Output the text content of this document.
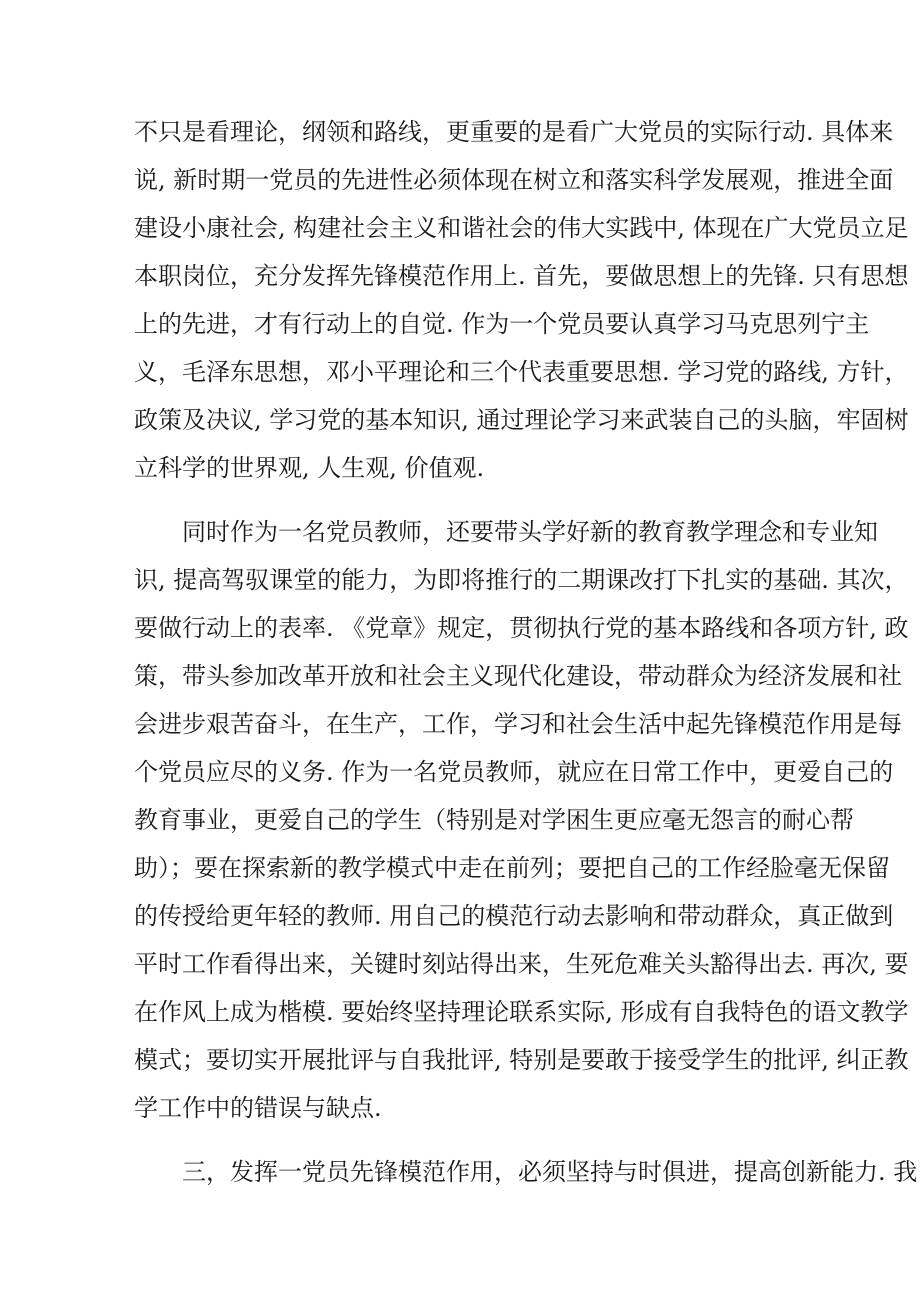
不只是看理论，纲领和路线，更重要的是看广大党员的实际行动. 具体来
说, 新时期一党员的先进性必须体现在树立和落实科学发展观，推进全面
建设小康社会, 构建社会主义和谐社会的伟大实践中, 体现在广大党员立足
本职岗位，充分发挥先锋模范作用上. 首先，要做思想上的先锋. 只有思想
上的先进，才有行动上的自觉. 作为一个党员要认真学习马克思列宁主
义，毛泽东思想，邓小平理论和三个代表重要思想. 学习党的路线, 方针，
政策及决议, 学习党的基本知识, 通过理论学习来武装自己的头脑，牢固树
立科学的世界观, 人生观, 价值观.
　　同时作为一名党员教师，还要带头学好新的教育教学理念和专业知
识, 提高驾驭课堂的能力，为即将推行的二期课改打下扎实的基础. 其次，
要做行动上的表率. 《党章》规定，贯彻执行党的基本路线和各项方针, 政
策，带头参加改革开放和社会主义现代化建设，带动群众为经济发展和社
会进步艰苦奋斗，在生产，工作，学习和社会生活中起先锋模范作用是每
个党员应尽的义务. 作为一名党员教师，就应在日常工作中，更爱自己的
教育事业，更爱自己的学生（特别是对学困生更应毫无怨言的耐心帮
助）；要在探索新的教学模式中走在前列；要把自己的工作经脸毫无保留
的传授给更年轻的教师. 用自己的模范行动去影响和带动群众，真正做到
平时工作看得出来，关键时刻站得出来，生死危难关头豁得出去. 再次, 要
在作风上成为楷模. 要始终坚持理论联系实际, 形成有自我特色的语文教学
模式；要切实开展批评与自我批评, 特别是要敢于接受学生的批评, 纠正教
学工作中的错误与缺点.
　　三，发挥一党员先锋模范作用，必须坚持与时俱进，提高创新能力. 我
